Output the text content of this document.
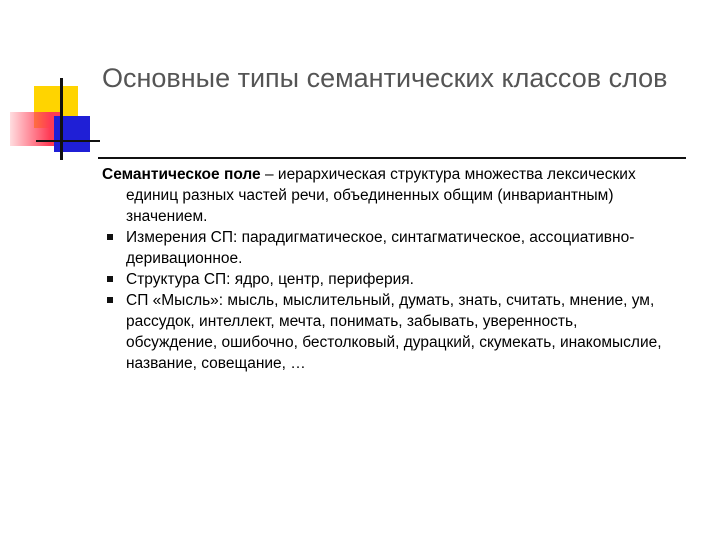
Основные типы семантических классов слов

Семантическое поле – иерархическая структура множества лексических единиц разных частей речи, объединенных общим (инвариантным) значением.

Измерения СП: парадигматическое, синтагматическое, ассоциативно-деривационное.
Структура СП: ядро, центр, периферия.
СП «Мысль»: мысль, мыслительный, думать, знать, считать, мнение, ум, рассудок, интеллект, мечта, понимать, забывать, уверенность, обсуждение, ошибочно, бестолковый, дурацкий, скумекать, инакомыслие, название, совещание, …
